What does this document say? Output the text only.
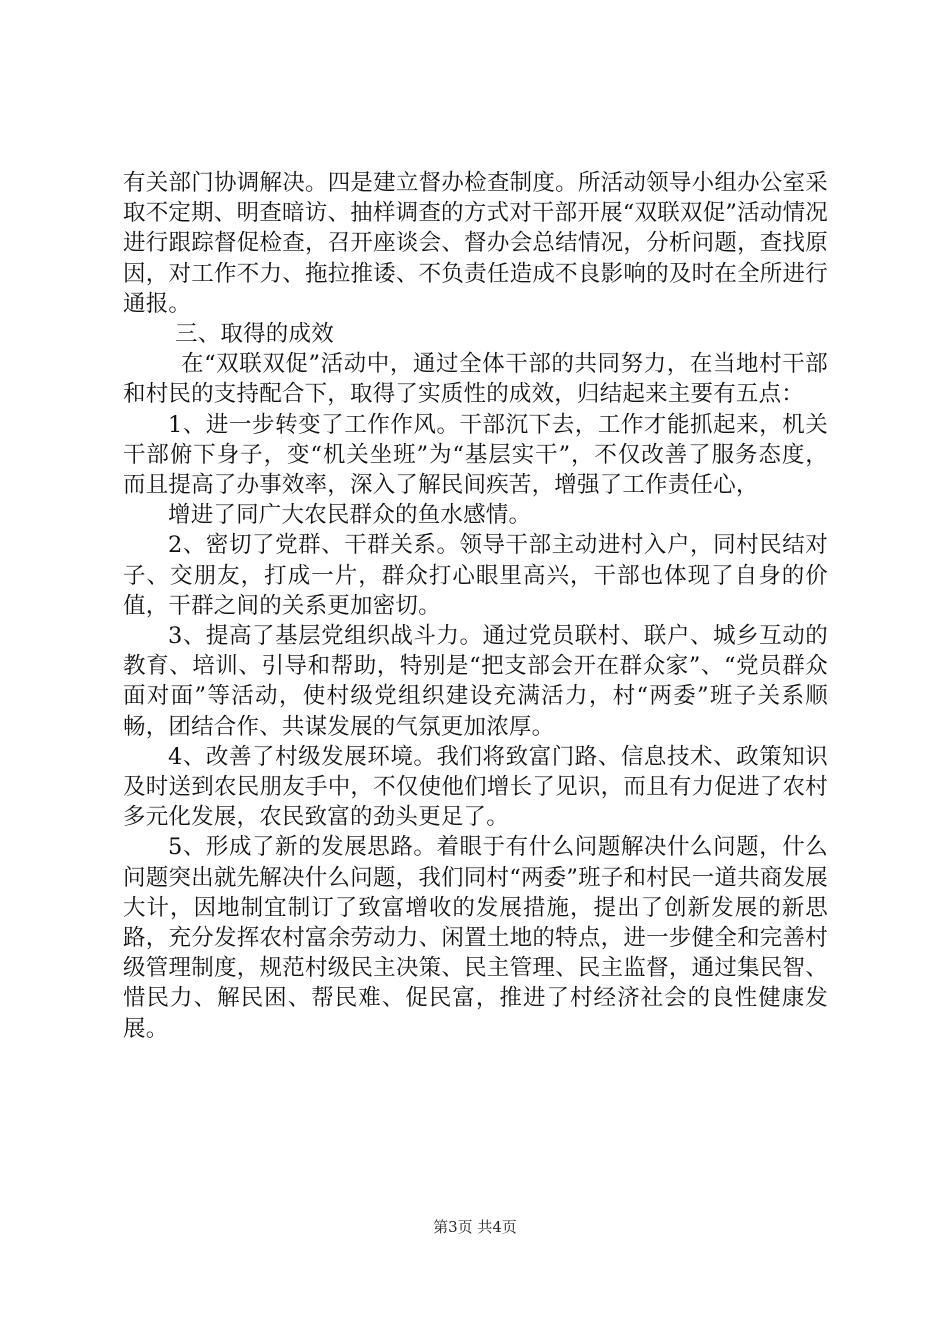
有关部门协调解决。四是建立督办检查制度。所活动领导小组办公室采取不定期、明查暗访、抽样调查的方式对干部开展“双联双促”活动情况进行跟踪督促检查，召开座谈会、督办会总结情况，分析问题，查找原因，对工作不力、拖拉推诿、不负责任造成不良影响的及时在全所进行通报。

三、取得的成效

在“双联双促”活动中，通过全体干部的共同努力，在当地村干部和村民的支持配合下，取得了实质性的成效，归结起来主要有五点：

1、进一步转变了工作作风。干部沉下去，工作才能抓起来，机关干部俯下身子，变“机关坐班”为“基层实干”，不仅改善了服务态度，而且提高了办事效率，深入了解民间疾苦，增强了工作责任心，

增进了同广大农民群众的鱼水感情。

2、密切了党群、干群关系。领导干部主动进村入户，同村民结对子、交朋友，打成一片，群众打心眼里高兴，干部也体现了自身的价值，干群之间的关系更加密切。

3、提高了基层党组织战斗力。通过党员联村、联户、城乡互动的教育、培训、引导和帮助，特别是“把支部会开在群众家”、“党员群众面对面”等活动，使村级党组织建设充满活力，村“两委”班子关系顺畅，团结合作、共谋发展的气氛更加浓厚。

4、改善了村级发展环境。我们将致富门路、信息技术、政策知识及时送到农民朋友手中，不仅使他们增长了见识，而且有力促进了农村多元化发展，农民致富的劲头更足了。

5、形成了新的发展思路。着眼于有什么问题解决什么问题，什么问题突出就先解决什么问题，我们同村“两委”班子和村民一道共商发展大计，因地制宜制订了致富增收的发展措施，提出了创新发展的新思路，充分发挥农村富余劳动力、闲置土地的特点，进一步健全和完善村级管理制度，规范村级民主决策、民主管理、民主监督，通过集民智、惜民力、解民困、帮民难、促民富，推进了村经济社会的良性健康发展。

第3页 共4页
